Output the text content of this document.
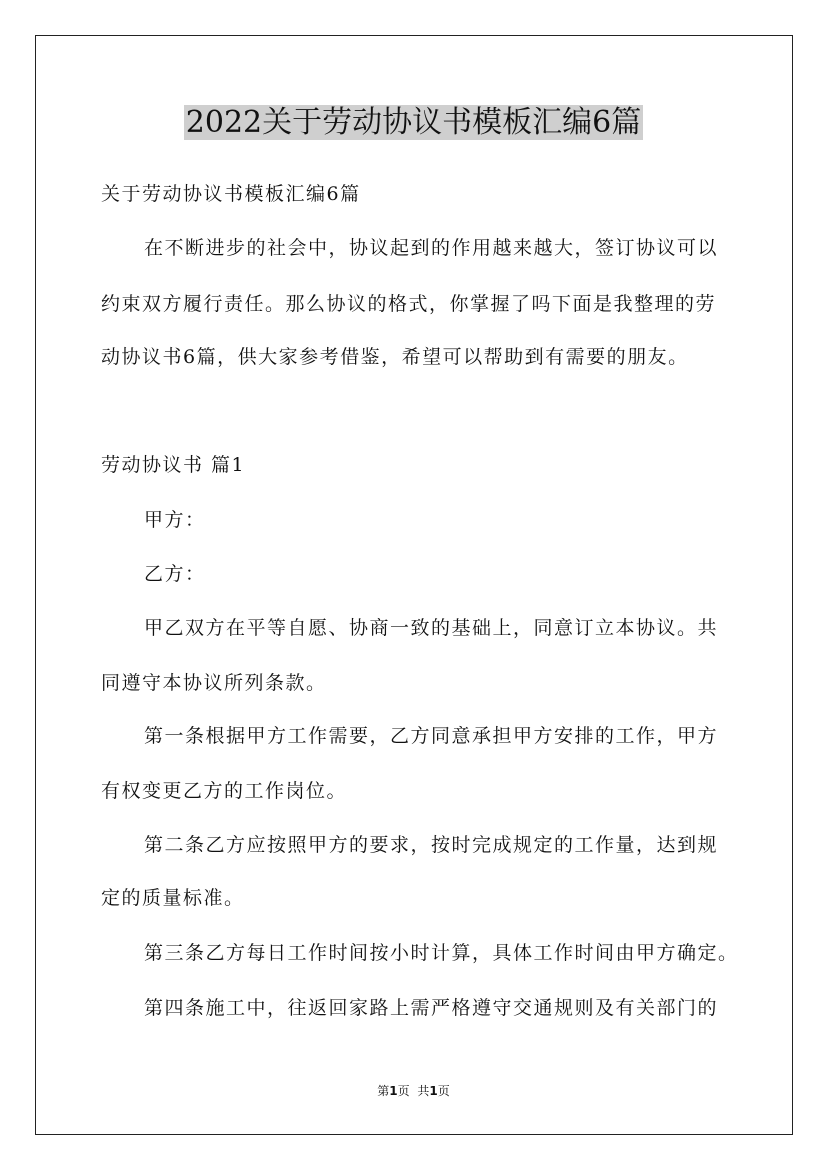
2022关于劳动协议书模板汇编6篇
关于劳动协议书模板汇编6篇
在不断进步的社会中，协议起到的作用越来越大，签订协议可以
约束双方履行责任。那么协议的格式，你掌握了吗下面是我整理的劳
动协议书6篇，供大家参考借鉴，希望可以帮助到有需要的朋友。
劳动协议书 篇1
甲方：
乙方：
甲乙双方在平等自愿、协商一致的基础上，同意订立本协议。共
同遵守本协议所列条款。
第一条根据甲方工作需要，乙方同意承担甲方安排的工作，甲方
有权变更乙方的工作岗位。
第二条乙方应按照甲方的要求，按时完成规定的工作量，达到规
定的质量标准。
第三条乙方每日工作时间按小时计算，具体工作时间由甲方确定。
第四条施工中，往返回家路上需严格遵守交通规则及有关部门的
第1页 共1页
